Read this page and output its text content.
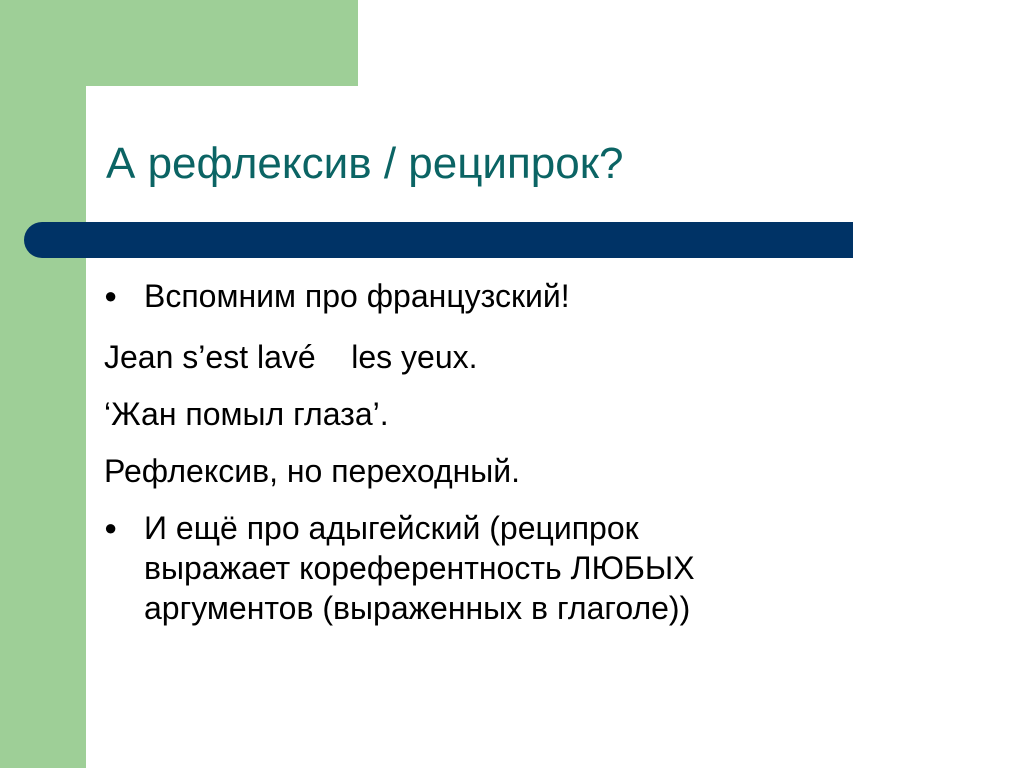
А рефлексив / реципрок?
● Вспомним про французский!

Jean s’est lavé    les yeux.

‘Жан помыл глаза’.

Рефлексив, но переходный.

● И ещё про адыгейский (реципрок
выражает кореферентность ЛЮБЫХ
аргументов (выраженных в глаголе))
